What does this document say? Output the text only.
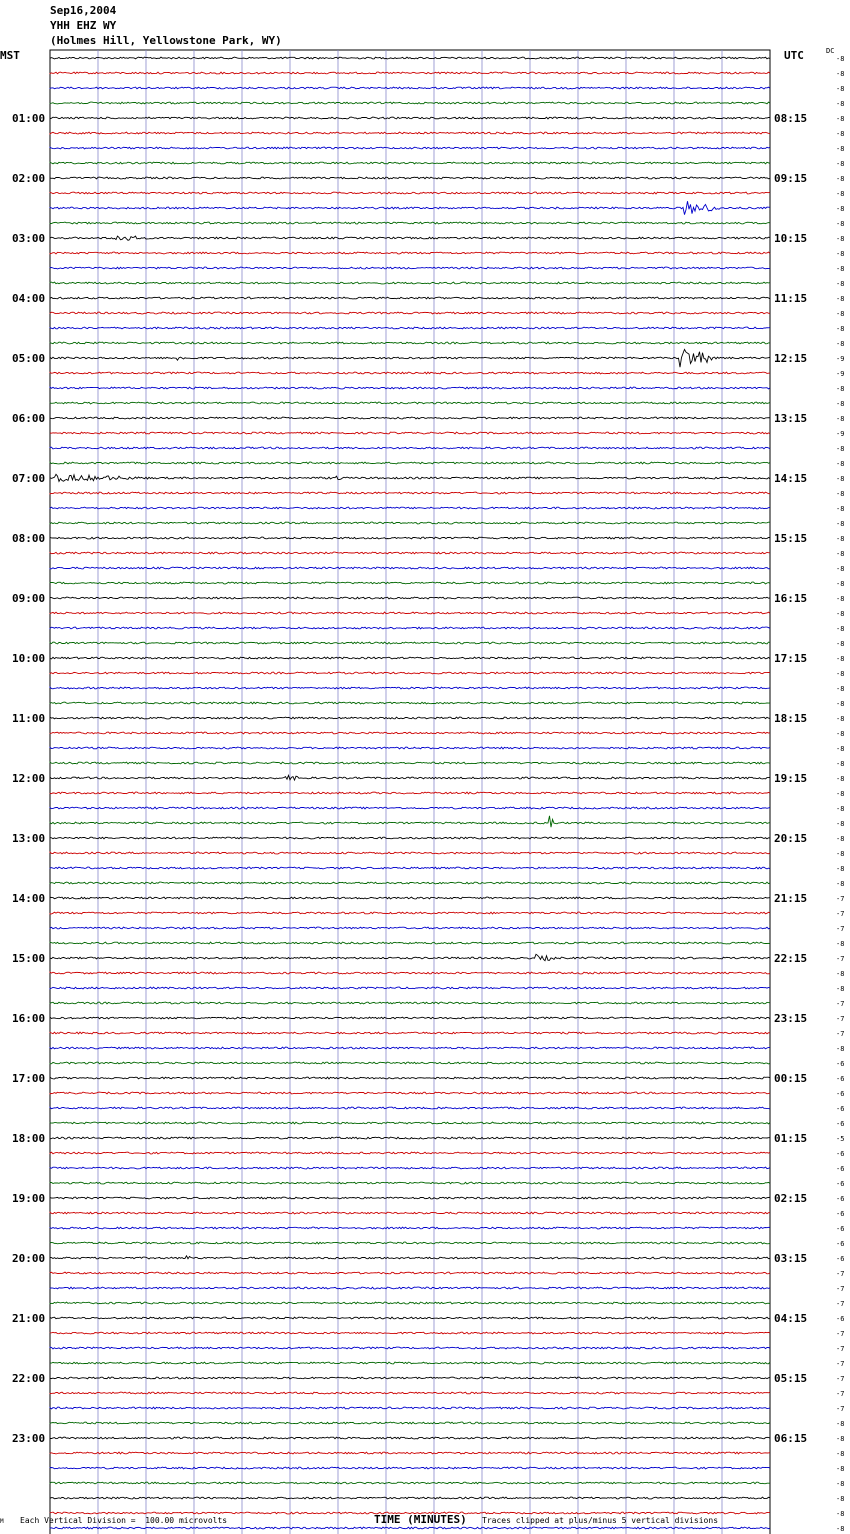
Sep16,2004
YHH EHZ WY
(Holmes Hill, Yellowstone Park, WY)
MST	UTC	DC
-8
-8
-8
-8
-8
-8
-8
-8
-8
-8
-8
-8
-8
-8
-8
-8
-8
-8
-8
-8
-9
-9
-8
-8
-8
-9
-8
-8
-8
-8
-8
-8
-8
-8
-8
-8
-8
-8
-8
-8
-8
-8
-8
-8
-8
-8
-8
-8
-8
-8
-8
-8
-8
-8
-8
-8
-7
-7
-7
-8
-7
-8
-8
-7
-7
-7
-8
-6
-6
-6
-6
-6
-5
-6
-6
-6
-6
-6
-6
-6
-6
-7
-7
-7
-6
-7
-7
-7
-7
-7
-7
-8
-8
-8
-8
-8
-8
-8
-8
01:00
02:00
03:00
04:00
05:00
06:00
07:00
08:00
09:00
10:00
11:00
12:00
13:00
14:00
15:00
16:00
17:00
18:00
19:00
20:00
21:00
22:00
23:00
08:15
09:15
10:15
11:15
12:15
13:15
14:15
15:15
16:15
17:15
18:15
19:15
20:15
21:15
22:15
23:15
00:15
01:15
02:15
03:15
04:15
05:15
06:15
M Each Vertical Division =  100.00 microvolts	TIME (MINUTES) Traces clipped at plus/minus 5 vertical divisions
